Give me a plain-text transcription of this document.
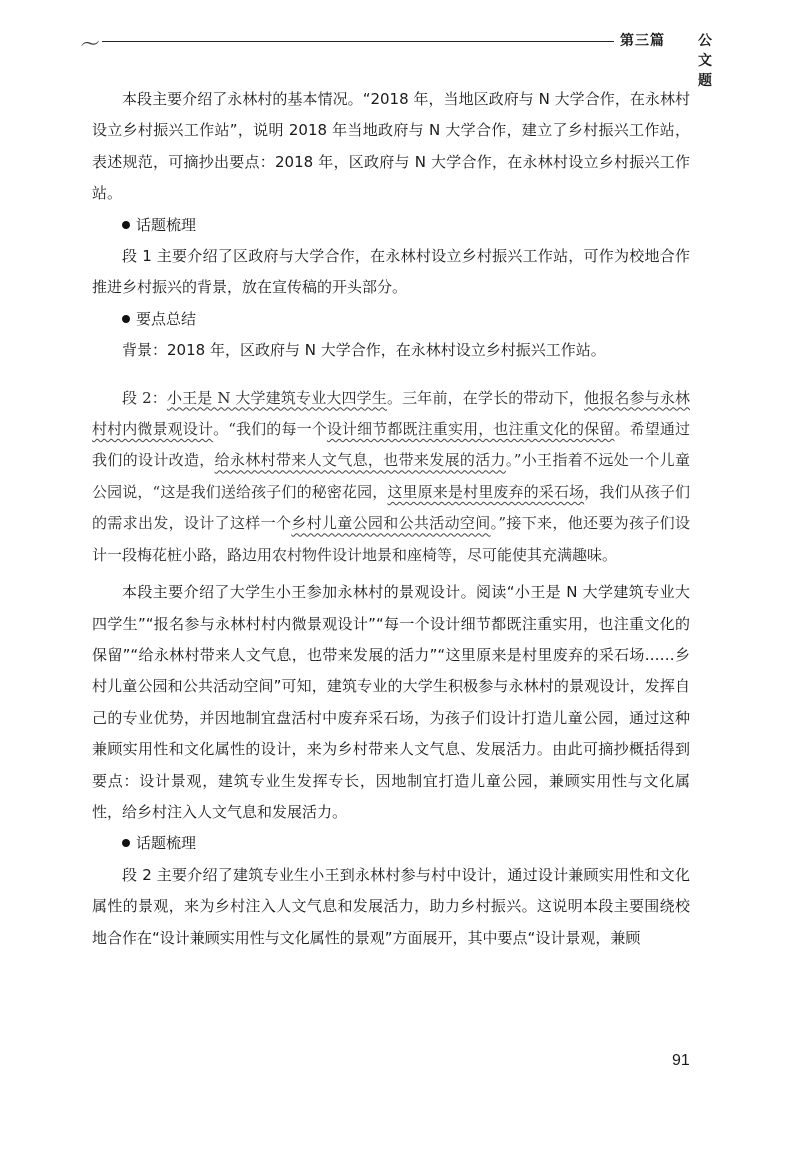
〜	第三篇 公文题

本段主要介绍了永林村的基本情况。“2018 年，当地区政府与 N 大学合作，在永林村设立乡村振兴工作站”，说明 2018 年当地政府与 N 大学合作，建立了乡村振兴工作站，表述规范，可摘抄出要点：2018 年，区政府与 N 大学合作，在永林村设立乡村振兴工作站。

话题梳理

段 1 主要介绍了区政府与大学合作，在永林村设立乡村振兴工作站，可作为校地合作推进乡村振兴的背景，放在宣传稿的开头部分。

要点总结

背景：2018 年，区政府与 N 大学合作，在永林村设立乡村振兴工作站。

段 2：小王是 N 大学建筑专业大四学生。三年前，在学长的带动下，他报名参与永林村村内微景观设计。“我们的每一个设计细节都既注重实用，也注重文化的保留。希望通过我们的设计改造，给永林村带来人文气息，也带来发展的活力。”小王指着不远处一个儿童公园说，“这是我们送给孩子们的秘密花园，这里原来是村里废弃的采石场，我们从孩子们的需求出发，设计了这样一个乡村儿童公园和公共活动空间。”接下来，他还要为孩子们设计一段梅花桩小路，路边用农村物件设计地景和座椅等，尽可能使其充满趣味。

本段主要介绍了大学生小王参加永林村的景观设计。阅读“小王是 N 大学建筑专业大四学生”“报名参与永林村村内微景观设计”“每一个设计细节都既注重实用，也注重文化的保留”“给永林村带来人文气息，也带来发展的活力”“这里原来是村里废弃的采石场……乡村儿童公园和公共活动空间”可知，建筑专业的大学生积极参与永林村的景观设计，发挥自己的专业优势，并因地制宜盘活村中废弃采石场，为孩子们设计打造儿童公园，通过这种兼顾实用性和文化属性的设计，来为乡村带来人文气息、发展活力。由此可摘抄概括得到要点：设计景观，建筑专业生发挥专长，因地制宜打造儿童公园，兼顾实用性与文化属性，给乡村注入人文气息和发展活力。

话题梳理

段 2 主要介绍了建筑专业生小王到永林村参与村中设计，通过设计兼顾实用性和文化属性的景观，来为乡村注入人文气息和发展活力，助力乡村振兴。这说明本段主要围绕校地合作在“设计兼顾实用性与文化属性的景观”方面展开，其中要点“设计景观，兼顾

91
